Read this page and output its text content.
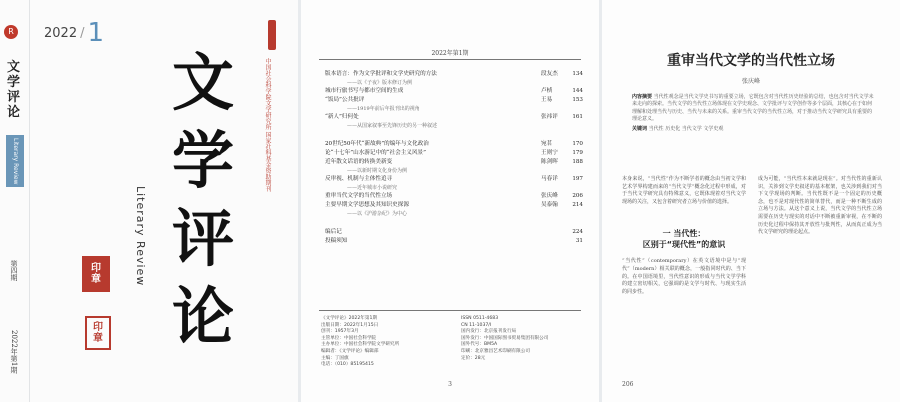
R
文
学
评
论
Literary Review
第四期
2022年第1期
2022 / 1
文
学
评
论
Literary Review
中国社会科学院文学研究所 国家社科基金资助期刊
印
章
印
章
2022年第1期
版本语言：作为文学批评和文学史研究的方法	段友杰	134
——以《子夜》版本修订为例
城市行旅书写与都市空间的生成	卢桢	144
“饭局”公共批评	王易	153
——1919年前后年报刊出的视角
“新人”归何处	张祎评	161
——从国家叙事至先锋历史的另一种叙述
20世纪50年代“新故典”的编年与文化政治	宛茗	170
论“十七年”山水游记中的“社会主义风景”	王则宁	179
近年散文话语的转换美新变	陈剑晖	188
——以新时期文化身份为例
反审视、机制与主体性追寻	马春详	197
——近年城市小说研究
重审当代文学的当代性立场	张庆峰	206
主要早期文学思想及其知识史探源	吴泰翰	214
——以《沪游杂纪》为中心
编后记	224
投稿须知	31
《文学评论》2022年第1期
出版日期：2022年1月15日
创刊：1957年3月
主管单位：中国社会科学院
主办单位：中国社会科学院文学研究所
编辑者：《文学评论》编辑部
主编：丁国旗
电话：（010）85195415
ISSN 0511-4683
CN 11-1037/I
国内发行：北京报刊发行局
国外发行：中国国际图书贸易集团有限公司
国外代号：BM5A
印刷：北京雅昌艺术印刷有限公司
定价：28元
3
重审当代文学的当代性立场
张庆峰
内容摘要 当代性观念是当代文学史书写的重要立场，它既包含对当代性历史经验的总结，也包含对当代文学未来走向的探索。当代文学的当代性立场体现在文学史观念、文学批评与文学创作等多个层面，其核心在于如何理解和处理当代与历史、当代与未来的关系。重审当代文学的当代性立场，对于推动当代文学研究具有重要的理论意义。
关键词 当代性 历史化 当代文学 文学史观

本身来说，“当代性”作为不断学者的概念由当初文学和艺术学界构建而来的“当代文学”概念化过程中形成，对于当代文学研究具有特殊意义，它既体现着对当代文学现场的关注，又包含着研究者立场与价值的选择。

一 当代性：
区别于“现代性”的意识

“当代性”（contemporary）在英文语境中是与“现代”（modern）相关联的概念，一般指同时代的、当下的。在中国语境里，当代性意识的形成与当代文学学科的建立密切相关，它强调的是文学与时代、与现实生活的同步性。

成为可能，“当代性本来就是现在”。对当代性的重新认识，关涉到文学史叙述的基本框架，也关涉到我们对当下文学现场的判断。当代性既不是一个固定的历史概念，也不是对现代性的简单替代，而是一种不断生成的立场与方法。从这个意义上说，当代文学的当代性立场需要在历史与现实的对话中不断被重新审视，在不断的历史化过程中保持其开放性与批判性，从而真正成为当代文学研究的理论起点。

206
